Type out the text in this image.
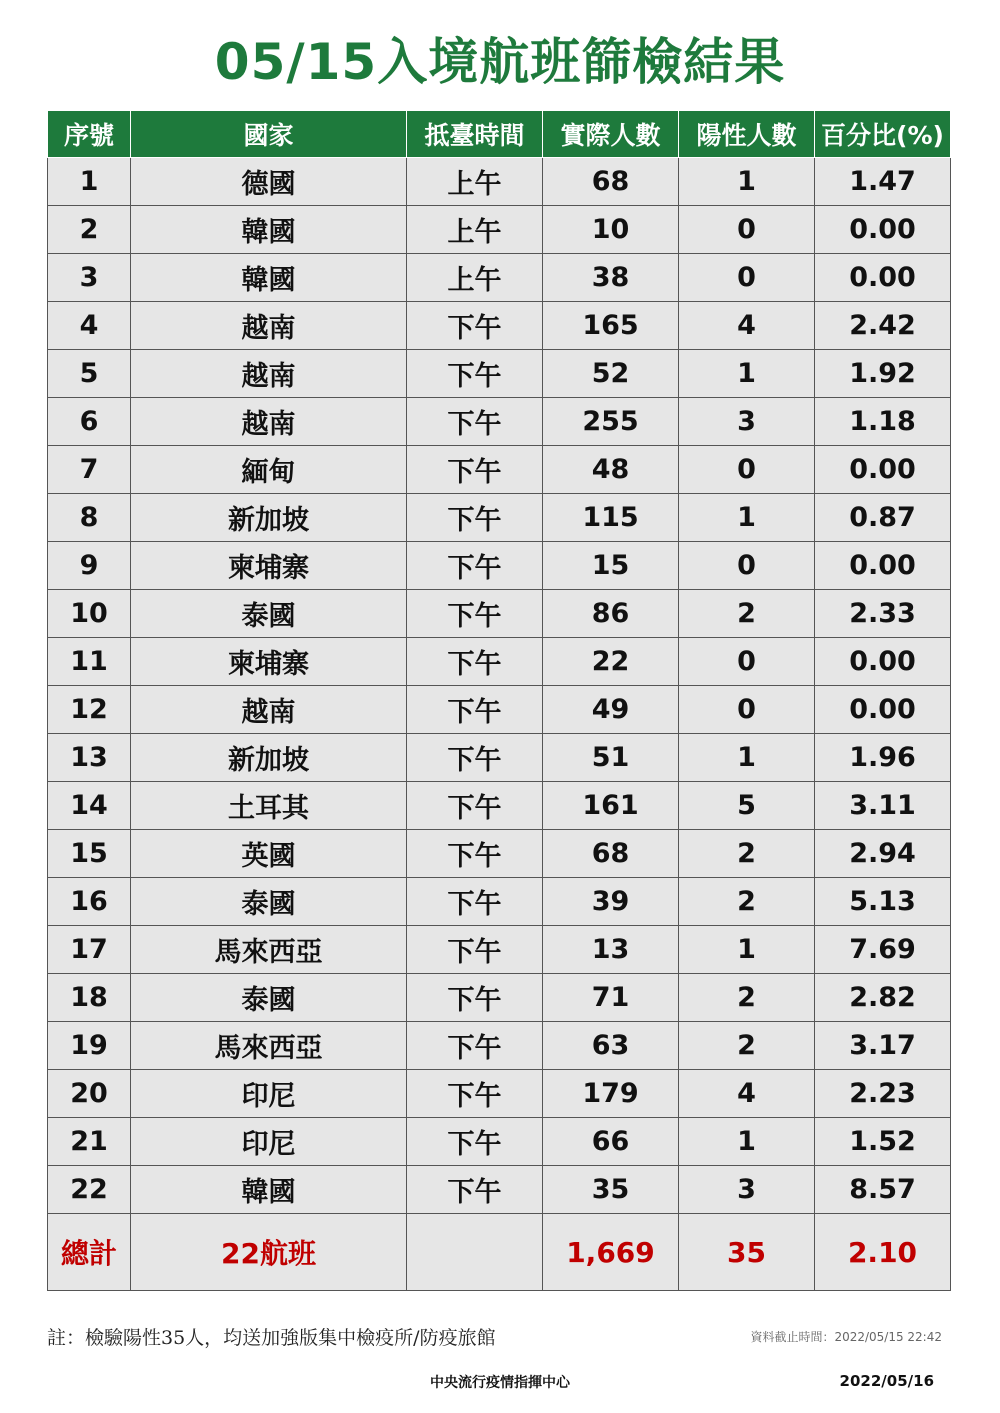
05/15入境航班篩檢結果
序號	國家	抵臺時間	實際人數	陽性人數	百分比(%)
1	德國	上午	68	1	1.47
2	韓國	上午	10	0	0.00
3	韓國	上午	38	0	0.00
4	越南	下午	165	4	2.42
5	越南	下午	52	1	1.92
6	越南	下午	255	3	1.18
7	緬甸	下午	48	0	0.00
8	新加坡	下午	115	1	0.87
9	柬埔寨	下午	15	0	0.00
10	泰國	下午	86	2	2.33
11	柬埔寨	下午	22	0	0.00
12	越南	下午	49	0	0.00
13	新加坡	下午	51	1	1.96
14	土耳其	下午	161	5	3.11
15	英國	下午	68	2	2.94
16	泰國	下午	39	2	5.13
17	馬來西亞	下午	13	1	7.69
18	泰國	下午	71	2	2.82
19	馬來西亞	下午	63	2	3.17
20	印尼	下午	179	4	2.23
21	印尼	下午	66	1	1.52
22	韓國	下午	35	3	8.57
總計	22航班		1,669	35	2.10
註：檢驗陽性35人，均送加強版集中檢疫所/防疫旅館	資料截止時間：2022/05/15 22:42
中央流行疫情指揮中心	2022/05/16
